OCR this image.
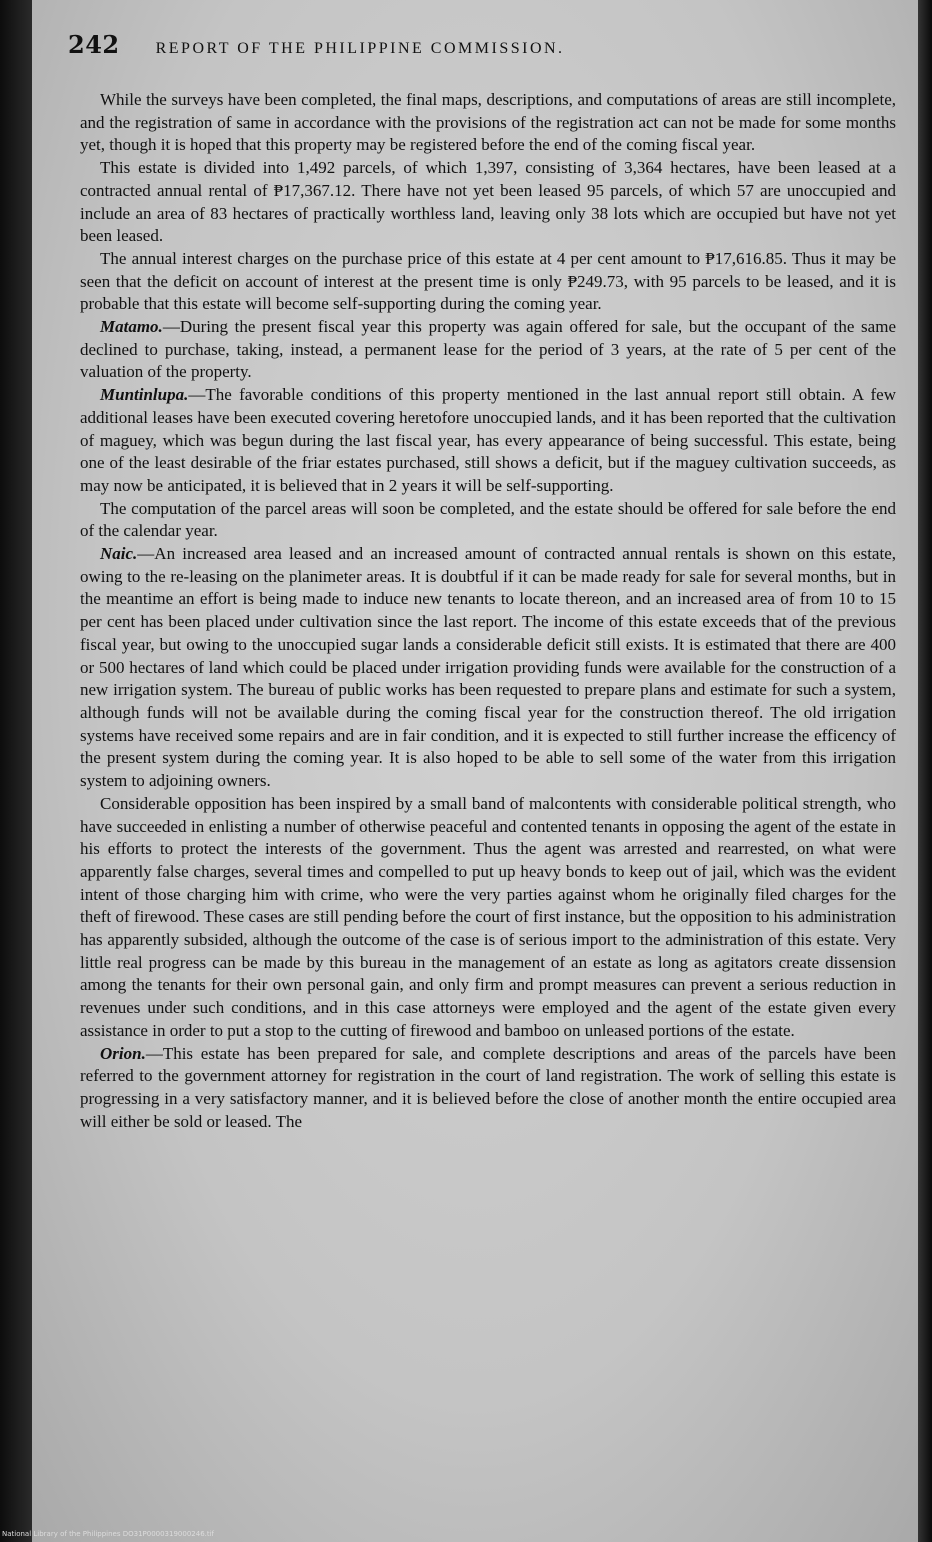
242 REPORT OF THE PHILIPPINE COMMISSION.

While the surveys have been completed, the final maps, descriptions, and computations of areas are still incomplete, and the registration of same in accordance with the provisions of the registration act can not be made for some months yet, though it is hoped that this property may be registered before the end of the coming fiscal year.

This estate is divided into 1,492 parcels, of which 1,397, consisting of 3,364 hectares, have been leased at a contracted annual rental of ₱17,367.12. There have not yet been leased 95 parcels, of which 57 are unoccupied and include an area of 83 hectares of practically worthless land, leaving only 38 lots which are occupied but have not yet been leased.

The annual interest charges on the purchase price of this estate at 4 per cent amount to ₱17,616.85. Thus it may be seen that the deficit on account of interest at the present time is only ₱249.73, with 95 parcels to be leased, and it is probable that this estate will become self-supporting during the coming year.

Matamo.—During the present fiscal year this property was again offered for sale, but the occupant of the same declined to purchase, taking, instead, a permanent lease for the period of 3 years, at the rate of 5 per cent of the valuation of the property.

Muntinlupa.—The favorable conditions of this property mentioned in the last annual report still obtain. A few additional leases have been executed covering heretofore unoccupied lands, and it has been reported that the cultivation of maguey, which was begun during the last fiscal year, has every appearance of being successful. This estate, being one of the least desirable of the friar estates purchased, still shows a deficit, but if the maguey cultivation succeeds, as may now be anticipated, it is believed that in 2 years it will be self-supporting.

The computation of the parcel areas will soon be completed, and the estate should be offered for sale before the end of the calendar year.

Naic.—An increased area leased and an increased amount of contracted annual rentals is shown on this estate, owing to the re-leasing on the planimeter areas. It is doubtful if it can be made ready for sale for several months, but in the meantime an effort is being made to induce new tenants to locate thereon, and an increased area of from 10 to 15 per cent has been placed under cultivation since the last report. The income of this estate exceeds that of the previous fiscal year, but owing to the unoccupied sugar lands a considerable deficit still exists. It is estimated that there are 400 or 500 hectares of land which could be placed under irrigation providing funds were available for the construction of a new irrigation system. The bureau of public works has been requested to prepare plans and estimate for such a system, although funds will not be available during the coming fiscal year for the construction thereof. The old irrigation systems have received some repairs and are in fair condition, and it is expected to still further increase the efficency of the present system during the coming year. It is also hoped to be able to sell some of the water from this irrigation system to adjoining owners.

Considerable opposition has been inspired by a small band of malcontents with considerable political strength, who have succeeded in enlisting a number of otherwise peaceful and contented tenants in opposing the agent of the estate in his efforts to protect the interests of the government. Thus the agent was arrested and rearrested, on what were apparently false charges, several times and compelled to put up heavy bonds to keep out of jail, which was the evident intent of those charging him with crime, who were the very parties against whom he originally filed charges for the theft of firewood. These cases are still pending before the court of first instance, but the opposition to his administration has apparently subsided, although the outcome of the case is of serious import to the administration of this estate. Very little real progress can be made by this bureau in the management of an estate as long as agitators create dissension among the tenants for their own personal gain, and only firm and prompt measures can prevent a serious reduction in revenues under such conditions, and in this case attorneys were employed and the agent of the estate given every assistance in order to put a stop to the cutting of firewood and bamboo on unleased portions of the estate.

Orion.—This estate has been prepared for sale, and complete descriptions and areas of the parcels have been referred to the government attorney for registration in the court of land registration. The work of selling this estate is progressing in a very satisfactory manner, and it is believed before the close of another month the entire occupied area will either be sold or leased. The

National Library of the Philippines DO31P0000319000246.tif
